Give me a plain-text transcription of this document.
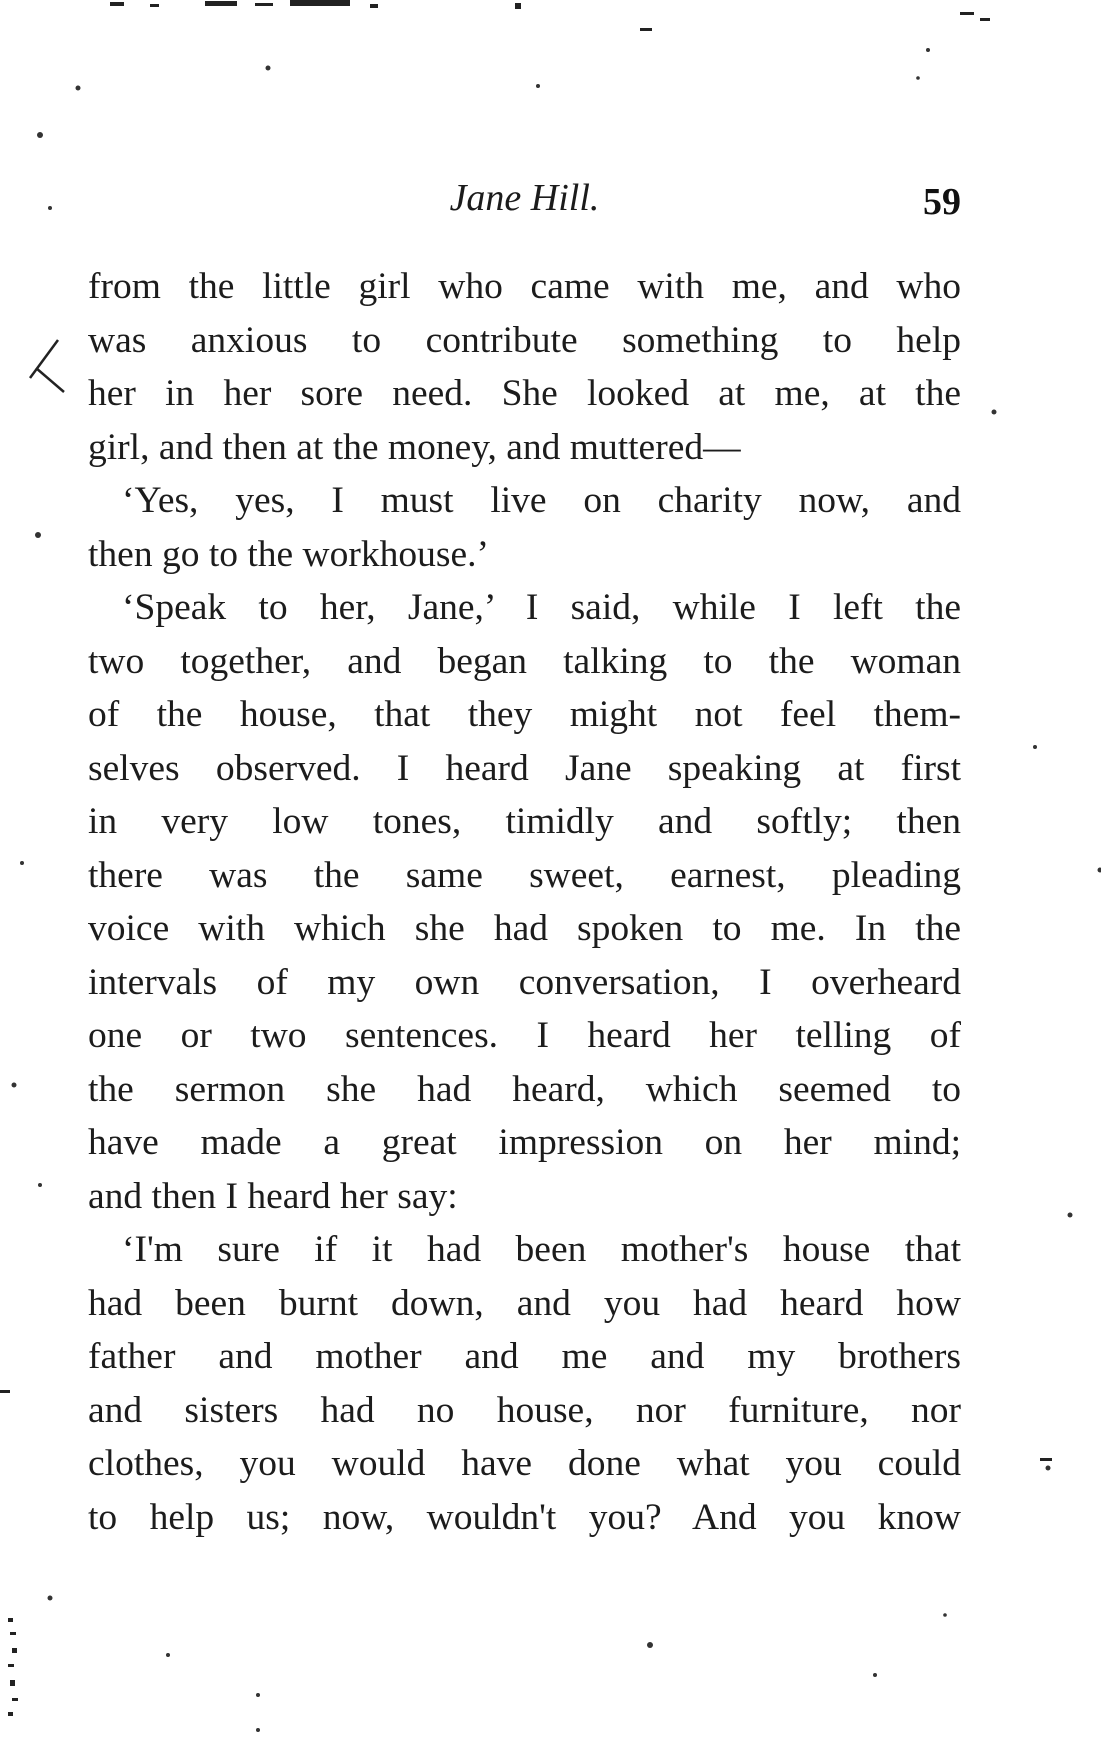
Jane Hill.	59
from the little girl who came with me, and who
was anxious to contribute something to help
her in her sore need. She looked at me, at the
girl, and then at the money, and muttered—
‘Yes, yes, I must live on charity now, and
then go to the workhouse.’
‘Speak to her, Jane,’ I said, while I left the
two together, and began talking to the woman
of the house, that they might not feel them-
selves observed. I heard Jane speaking at first
in very low tones, timidly and softly; then
there was the same sweet, earnest, pleading
voice with which she had spoken to me. In the
intervals of my own conversation, I overheard
one or two sentences. I heard her telling of
the sermon she had heard, which seemed to
have made a great impression on her mind;
and then I heard her say:
‘I'm sure if it had been mother's house that
had been burnt down, and you had heard how
father and mother and me and my brothers
and sisters had no house, nor furniture, nor
clothes, you would have done what you could
to help us; now, wouldn't you? And you know
